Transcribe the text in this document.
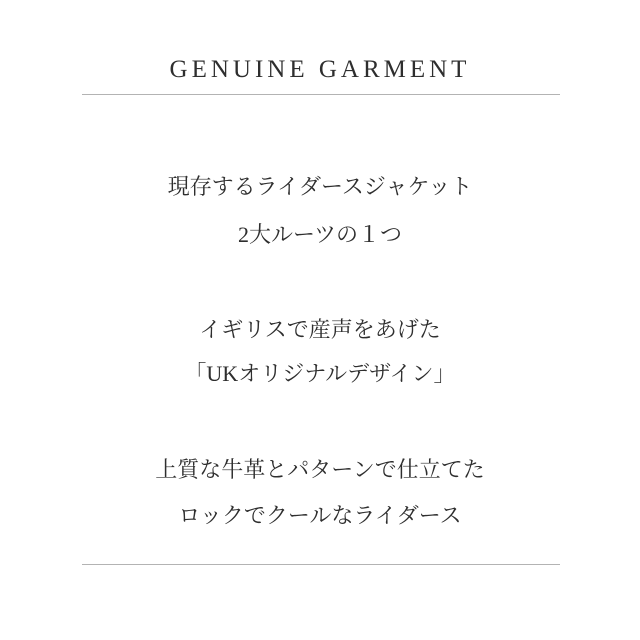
GENUINE GARMENT

現存するライダースジャケット
2大ルーツの１つ

イギリスで産声をあげた
「UKオリジナルデザイン」

上質な牛革とパターンで仕立てた
ロックでクールなライダース
